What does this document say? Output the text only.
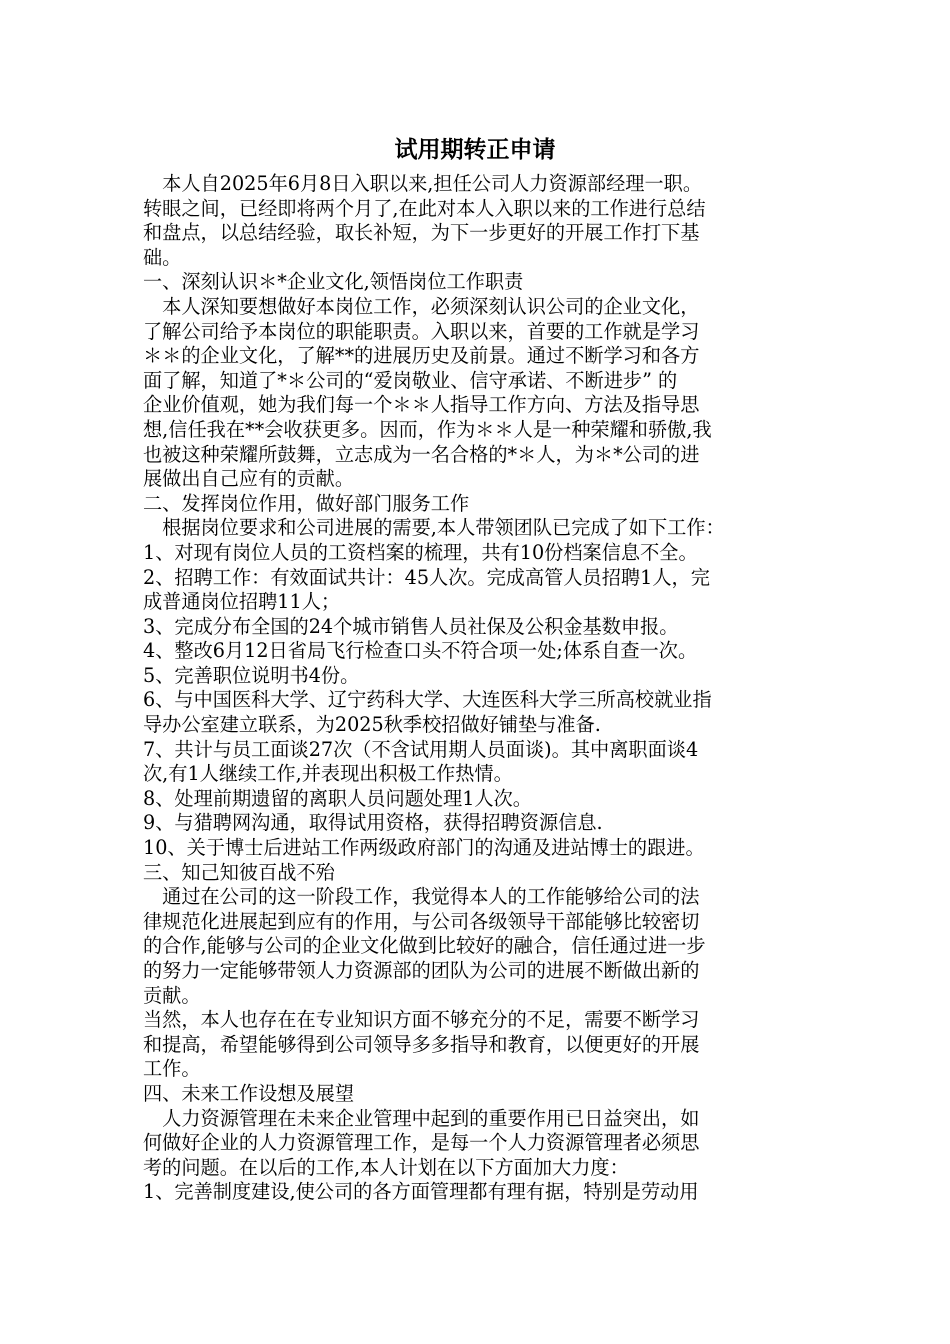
试用期转正申请
　本人自2025年6月8日入职以来,担任公司人力资源部经理一职。
转眼之间，已经即将两个月了,在此对本人入职以来的工作进行总结
和盘点，以总结经验，取长补短，为下一步更好的开展工作打下基
础。
一、深刻认识＊*企业文化,领悟岗位工作职责
　本人深知要想做好本岗位工作，必须深刻认识公司的企业文化，
了解公司给予本岗位的职能职责。入职以来，首要的工作就是学习
＊＊的企业文化，了解**的进展历史及前景。通过不断学习和各方
面了解，知道了*＊公司的“爱岗敬业、信守承诺、不断进步” 的
企业价值观，她为我们每一个＊＊人指导工作方向、方法及指导思
想,信任我在**会收获更多。因而，作为＊＊人是一种荣耀和骄傲,我
也被这种荣耀所鼓舞，立志成为一名合格的*＊人，为＊*公司的进
展做出自己应有的贡献。
二、发挥岗位作用，做好部门服务工作
　根据岗位要求和公司进展的需要,本人带领团队已完成了如下工作：
1、对现有岗位人员的工资档案的梳理，共有10份档案信息不全。
2、招聘工作：有效面试共计：45人次。完成高管人员招聘1人，完
成普通岗位招聘11人；
3、完成分布全国的24个城市销售人员社保及公积金基数申报。
4、整改6月12日省局飞行检查口头不符合项一处;体系自查一次。
5、完善职位说明书4份。
6、与中国医科大学、辽宁药科大学、大连医科大学三所高校就业指
导办公室建立联系，为2025秋季校招做好铺垫与准备.
7、共计与员工面谈27次（不含试用期人员面谈)。其中离职面谈4
次,有1人继续工作,并表现出积极工作热情。
8、处理前期遗留的离职人员问题处理1人次。
9、与猎聘网沟通，取得试用资格，获得招聘资源信息.
10、关于博士后进站工作两级政府部门的沟通及进站博士的跟进。
三、知己知彼百战不殆
　通过在公司的这一阶段工作，我觉得本人的工作能够给公司的法
律规范化进展起到应有的作用，与公司各级领导干部能够比较密切
的合作,能够与公司的企业文化做到比较好的融合，信任通过进一步
的努力一定能够带领人力资源部的团队为公司的进展不断做出新的
贡献。
当然，本人也存在在专业知识方面不够充分的不足，需要不断学习
和提高，希望能够得到公司领导多多指导和教育，以便更好的开展
工作。
四、未来工作设想及展望
　人力资源管理在未来企业管理中起到的重要作用已日益突出，如
何做好企业的人力资源管理工作，是每一个人力资源管理者必须思
考的问题。在以后的工作,本人计划在以下方面加大力度：
1、完善制度建设,使公司的各方面管理都有理有据，特别是劳动用
